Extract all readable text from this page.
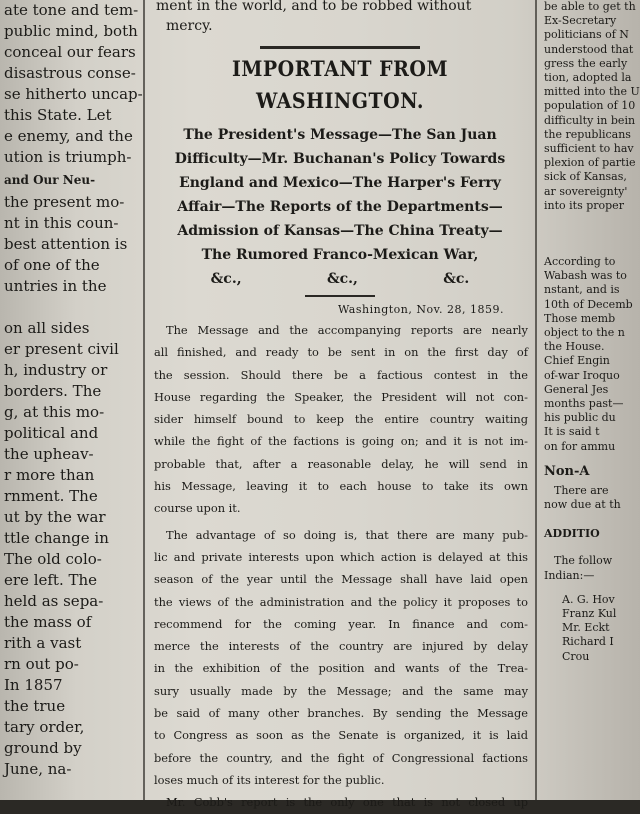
ate tone and tem-
public mind, both
conceal our fears
disastrous conse-
se hitherto uncap-
this State. Let
e enemy, and the
ution is triumph-
and Our Neu-
the present mo-
nt in this coun-
best attention is
of one of the
untries in the
on all sides
er present civil
h, industry or
borders. The
g, at this mo-
political and
the upheav-
r more than
rnment. The
ut by the war
ttle change in
The old colo-
ere left. The
held as sepa-
the mass of
rith a vast
rn out po-
In 1857
the true
tary order,
ground by
June, na-
ment in the world, and to be robbed without
mercy.
IMPORTANT FROM WASHINGTON.
The President's Message—The San Juan
Difficulty—Mr. Buchanan's Policy Towards
England and Mexico—The Harper's Ferry
Affair—The Reports of the Departments—
Admission of Kansas—The China Treaty—
The Rumored Franco-Mexican War,
&c.,	&c.,	&c.
Washington, Nov. 28, 1859.
The Message and the accompanying reports are nearly
all finished, and ready to be sent in on the first day of
the session. Should there be a factious contest in the
House regarding the Speaker, the President will not con-
sider himself bound to keep the entire country waiting
while the fight of the factions is going on; and it is not im-
probable that, after a reasonable delay, he will send in
his Message, leaving it to each house to take its own
course upon it.
The advantage of so doing is, that there are many pub-
lic and private interests upon which action is delayed at this
season of the year until the Message shall have laid open
the views of the administration and the policy it proposes to
recommend for the coming year. In finance and com-
merce the interests of the country are injured by delay
in the exhibition of the position and wants of the Trea-
sury usually made by the Message; and the same may
be said of many other branches. By sending the Message
to Congress as soon as the Senate is organized, it is laid
before the country, and the fight of Congressional factions
loses much of its interest for the public.
Mr. Cobb's report is the only one that is not closed up
be able to get th
Ex-Secretary
politicians of N
understood that
gress the early
tion, adopted la
mitted into the U
population of 10
difficulty in bein
the republicans
sufficient to hav
plexion of partie
sick of Kansas,
ar sovereignty'
into its proper
According to
Wabash was to
nstant, and is
10th of Decemb
Those memb
object to the n
the House.
Chief Engin
of-war Iroquo
General Jes
months past—
his public du
It is said t
on for ammu
Non-A
There are
now due at th
ADDITIO
The follow
Indian:—
A. G. Hov
Franz Kul
Mr. Eckt
Richard I
Crou
